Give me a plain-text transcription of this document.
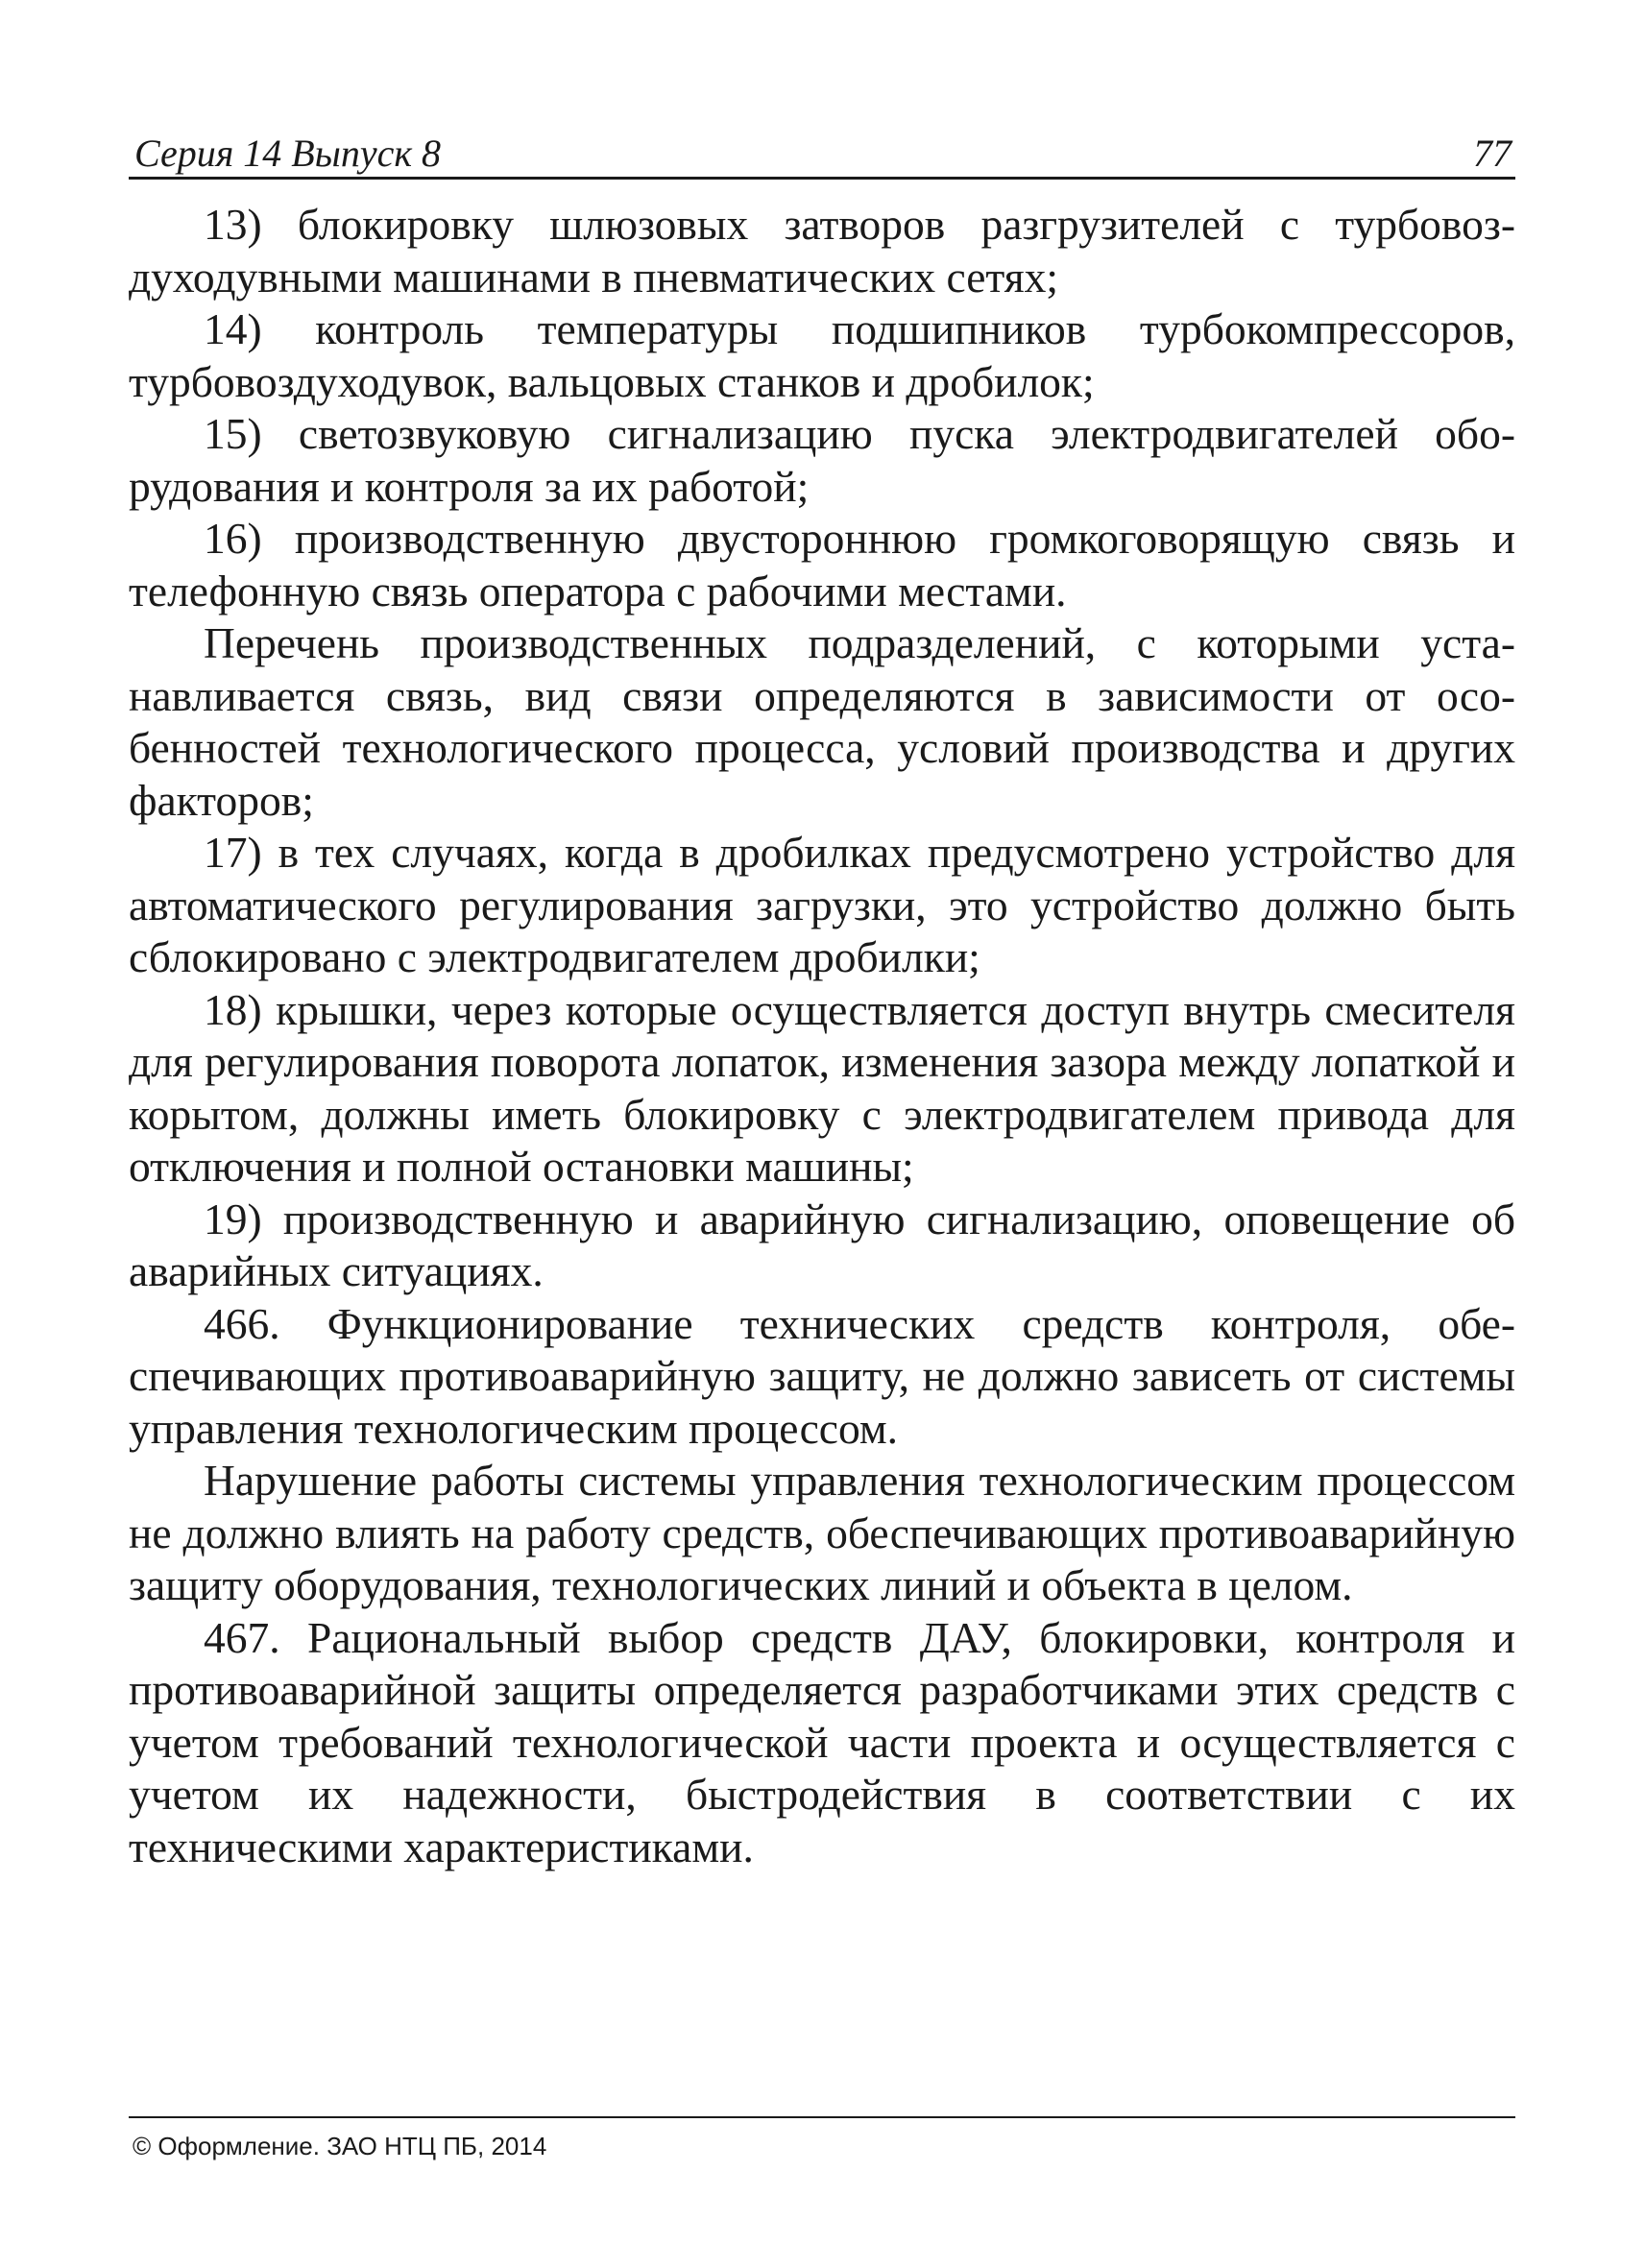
Серия 14 Выпуск 8	77

13) блокировку шлюзовых затворов разгрузителей с турбовоздуходувными машинами в пневматических сетях;

14) контроль температуры подшипников турбокомпрессоров, турбовоздуходувок, вальцовых станков и дробилок;

15) светозвуковую сигнализацию пуска электродвигателей оборудования и контроля за их работой;

16) производственную двустороннюю громкоговорящую связь и телефонную связь оператора с рабочими местами.

Перечень производственных подразделений, с которыми устанавливается связь, вид связи определяются в зависимости от особенностей технологического процесса, условий производства и других факторов;

17) в тех случаях, когда в дробилках предусмотрено устройство для автоматического регулирования загрузки, это устройство должно быть сблокировано с электродвигателем дробилки;

18) крышки, через которые осуществляется доступ внутрь смесителя для регулирования поворота лопаток, изменения зазора между лопаткой и корытом, должны иметь блокировку с электродвигателем привода для отключения и полной остановки машины;

19) производственную и аварийную сигнализацию, оповещение об аварийных ситуациях.

466. Функционирование технических средств контроля, обеспечивающих противоаварийную защиту, не должно зависеть от системы управления технологическим процессом.

Нарушение работы системы управления технологическим процессом не должно влиять на работу средств, обеспечивающих противоаварийную защиту оборудования, технологических линий и объекта в целом.

467. Рациональный выбор средств ДАУ, блокировки, контроля и противоаварийной защиты определяется разработчиками этих средств с учетом требований технологической части проекта и осуществляется с учетом их надежности, быстродействия в соответствии с их техническими характеристиками.

© Оформление. ЗАО НТЦ ПБ, 2014
